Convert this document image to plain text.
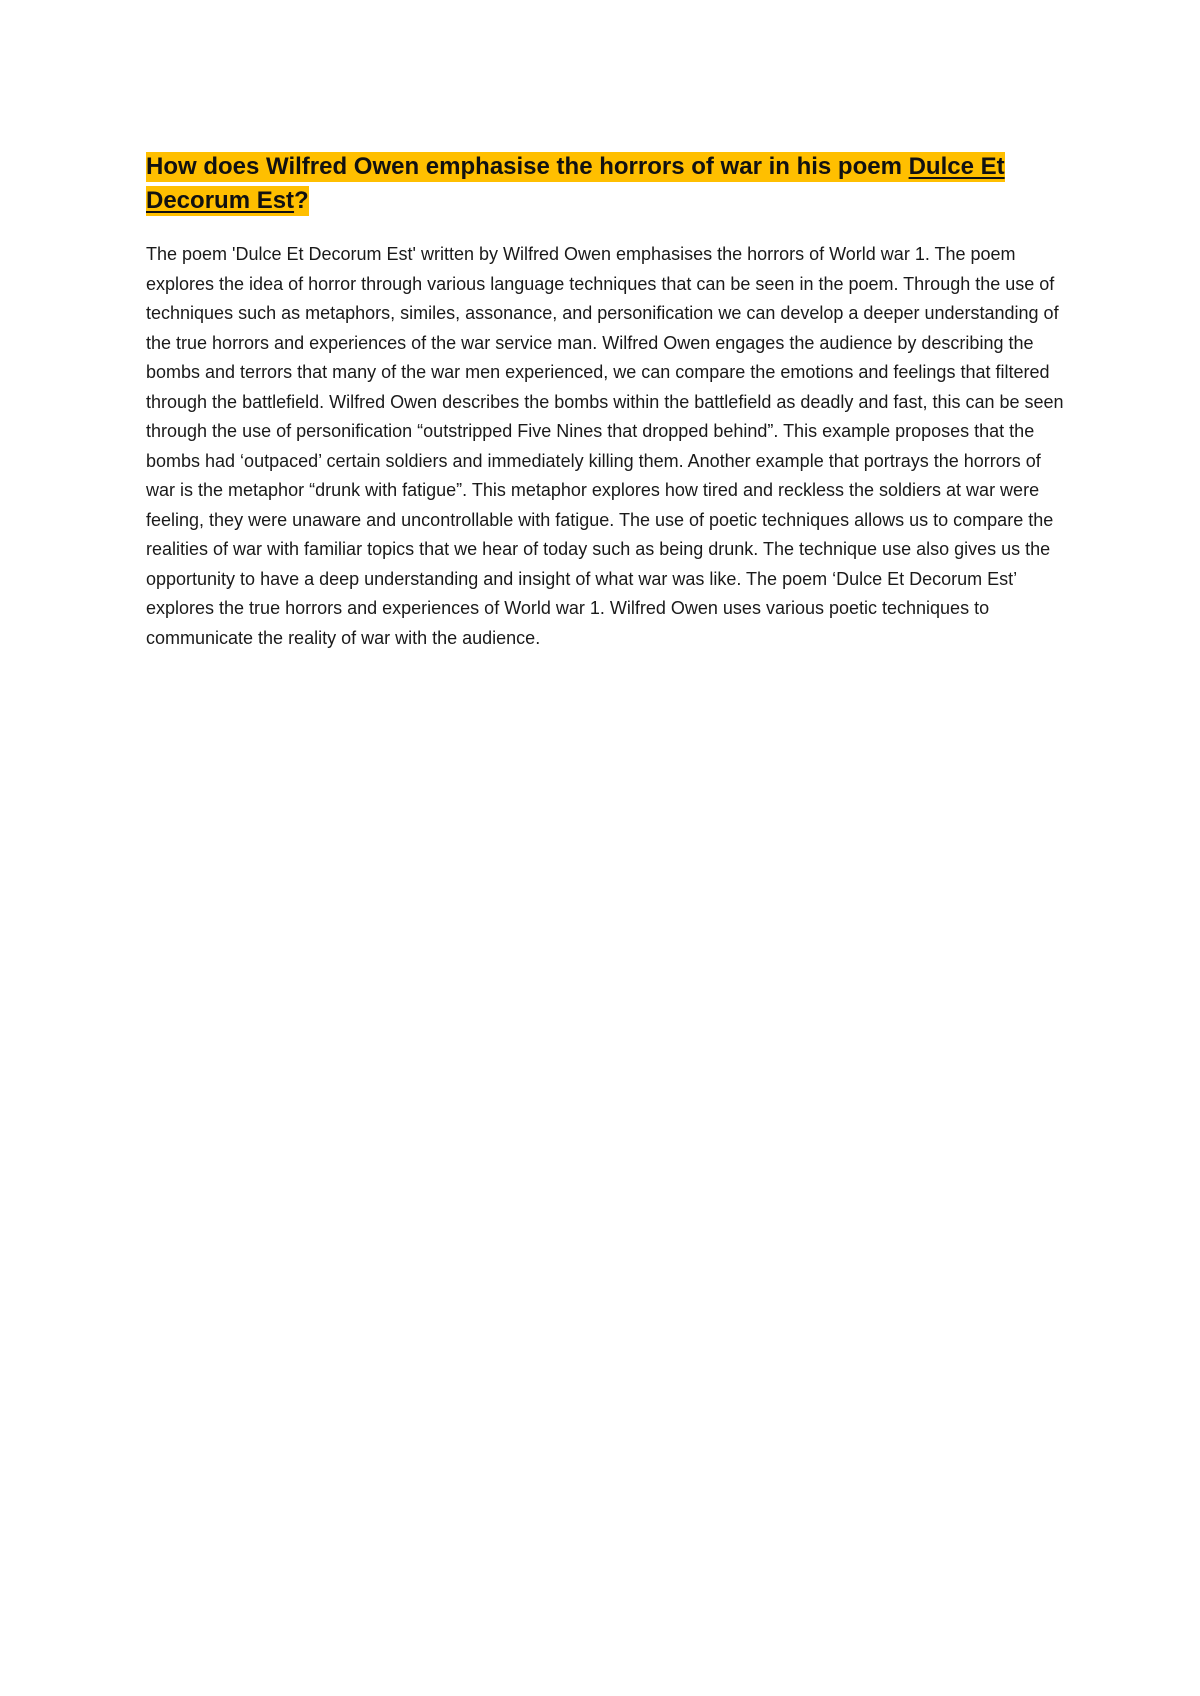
How does Wilfred Owen emphasise the horrors of war in his poem Dulce Et Decorum Est?

The poem 'Dulce Et Decorum Est' written by Wilfred Owen emphasises the horrors of World war 1. The poem explores the idea of horror through various language techniques that can be seen in the poem. Through the use of techniques such as metaphors, similes, assonance, and personification we can develop a deeper understanding of the true horrors and experiences of the war service man. Wilfred Owen engages the audience by describing the bombs and terrors that many of the war men experienced, we can compare the emotions and feelings that filtered through the battlefield. Wilfred Owen describes the bombs within the battlefield as deadly and fast, this can be seen through the use of personification “outstripped Five Nines that dropped behind”. This example proposes that the bombs had ‘outpaced’ certain soldiers and immediately killing them. Another example that portrays the horrors of war is the metaphor “drunk with fatigue”. This metaphor explores how tired and reckless the soldiers at war were feeling, they were unaware and uncontrollable with fatigue. The use of poetic techniques allows us to compare the realities of war with familiar topics that we hear of today such as being drunk. The technique use also gives us the opportunity to have a deep understanding and insight of what war was like. The poem ‘Dulce Et Decorum Est’ explores the true horrors and experiences of World war 1. Wilfred Owen uses various poetic techniques to communicate the reality of war with the audience.
